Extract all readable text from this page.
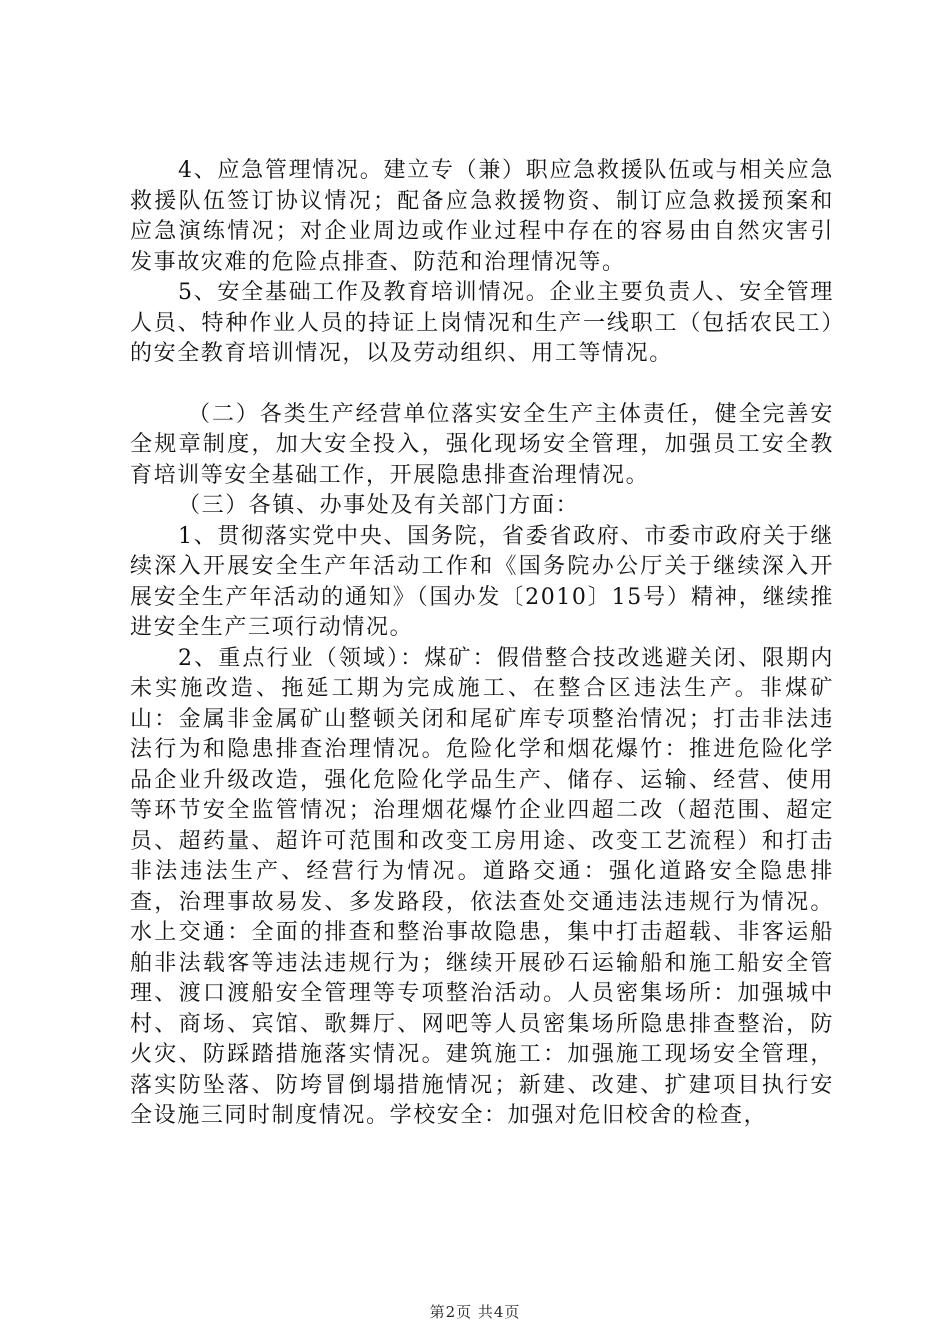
4、应急管理情况。建立专（兼）职应急救援队伍或与相关应急救援队伍签订协议情况；配备应急救援物资、制订应急救援预案和应急演练情况；对企业周边或作业过程中存在的容易由自然灾害引发事故灾难的危险点排查、防范和治理情况等。

5、安全基础工作及教育培训情况。企业主要负责人、安全管理人员、特种作业人员的持证上岗情况和生产一线职工（包括农民工）的安全教育培训情况，以及劳动组织、用工等情况。

（二）各类生产经营单位落实安全生产主体责任，健全完善安全规章制度，加大安全投入，强化现场安全管理，加强员工安全教育培训等安全基础工作，开展隐患排查治理情况。

（三）各镇、办事处及有关部门方面：

1、贯彻落实党中央、国务院，省委省政府、市委市政府关于继续深入开展安全生产年活动工作和《国务院办公厅关于继续深入开展安全生产年活动的通知》（国办发〔2010〕15号）精神，继续推进安全生产三项行动情况。

2、重点行业（领域）：煤矿：假借整合技改逃避关闭、限期内未实施改造、拖延工期为完成施工、在整合区违法生产。非煤矿山：金属非金属矿山整顿关闭和尾矿库专项整治情况；打击非法违法行为和隐患排查治理情况。危险化学和烟花爆竹：推进危险化学品企业升级改造，强化危险化学品生产、储存、运输、经营、使用等环节安全监管情况；治理烟花爆竹企业四超二改（超范围、超定员、超药量、超许可范围和改变工房用途、改变工艺流程）和打击非法违法生产、经营行为情况。道路交通：强化道路安全隐患排查，治理事故易发、多发路段，依法查处交通违法违规行为情况。水上交通：全面的排查和整治事故隐患，集中打击超载、非客运船舶非法载客等违法违规行为；继续开展砂石运输船和施工船安全管理、渡口渡船安全管理等专项整治活动。人员密集场所：加强城中村、商场、宾馆、歌舞厅、网吧等人员密集场所隐患排查整治，防火灾、防踩踏措施落实情况。建筑施工：加强施工现场安全管理，落实防坠落、防垮冒倒塌措施情况；新建、改建、扩建项目执行安全设施三同时制度情况。学校安全：加强对危旧校舍的检查，

第2页 共4页
